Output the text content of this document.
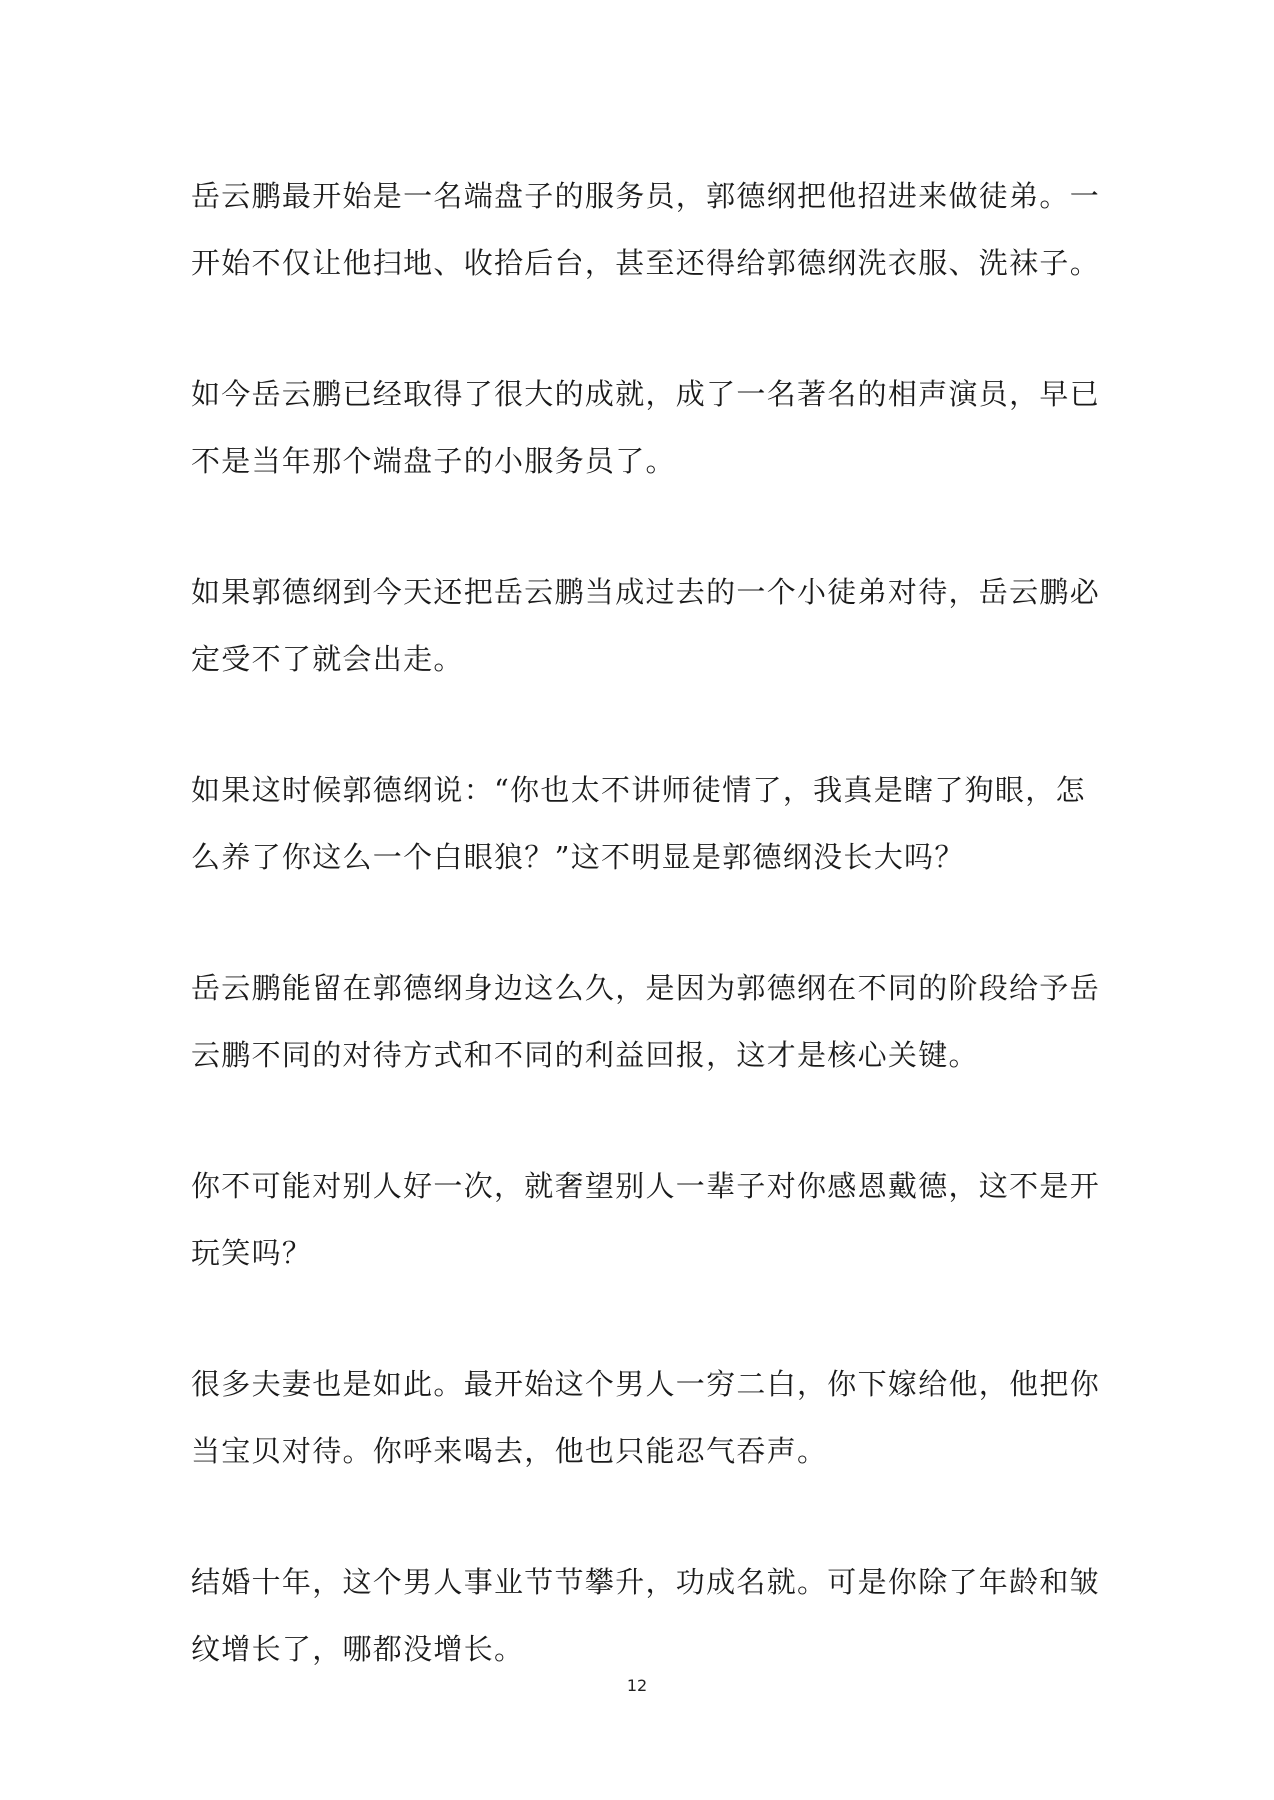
岳云鹏最开始是一名端盘子的服务员，郭德纲把他招进来做徒弟。一
开始不仅让他扫地、收拾后台，甚至还得给郭德纲洗衣服、洗袜子。

如今岳云鹏已经取得了很大的成就，成了一名著名的相声演员，早已
不是当年那个端盘子的小服务员了。

如果郭德纲到今天还把岳云鹏当成过去的一个小徒弟对待，岳云鹏必
定受不了就会出走。

如果这时候郭德纲说：“你也太不讲师徒情了，我真是瞎了狗眼，怎
么养了你这么一个白眼狼？”这不明显是郭德纲没长大吗？

岳云鹏能留在郭德纲身边这么久，是因为郭德纲在不同的阶段给予岳
云鹏不同的对待方式和不同的利益回报，这才是核心关键。

你不可能对别人好一次，就奢望别人一辈子对你感恩戴德，这不是开
玩笑吗？

很多夫妻也是如此。最开始这个男人一穷二白，你下嫁给他，他把你
当宝贝对待。你呼来喝去，他也只能忍气吞声。

结婚十年，这个男人事业节节攀升，功成名就。可是你除了年龄和皱
纹增长了，哪都没增长。

12
